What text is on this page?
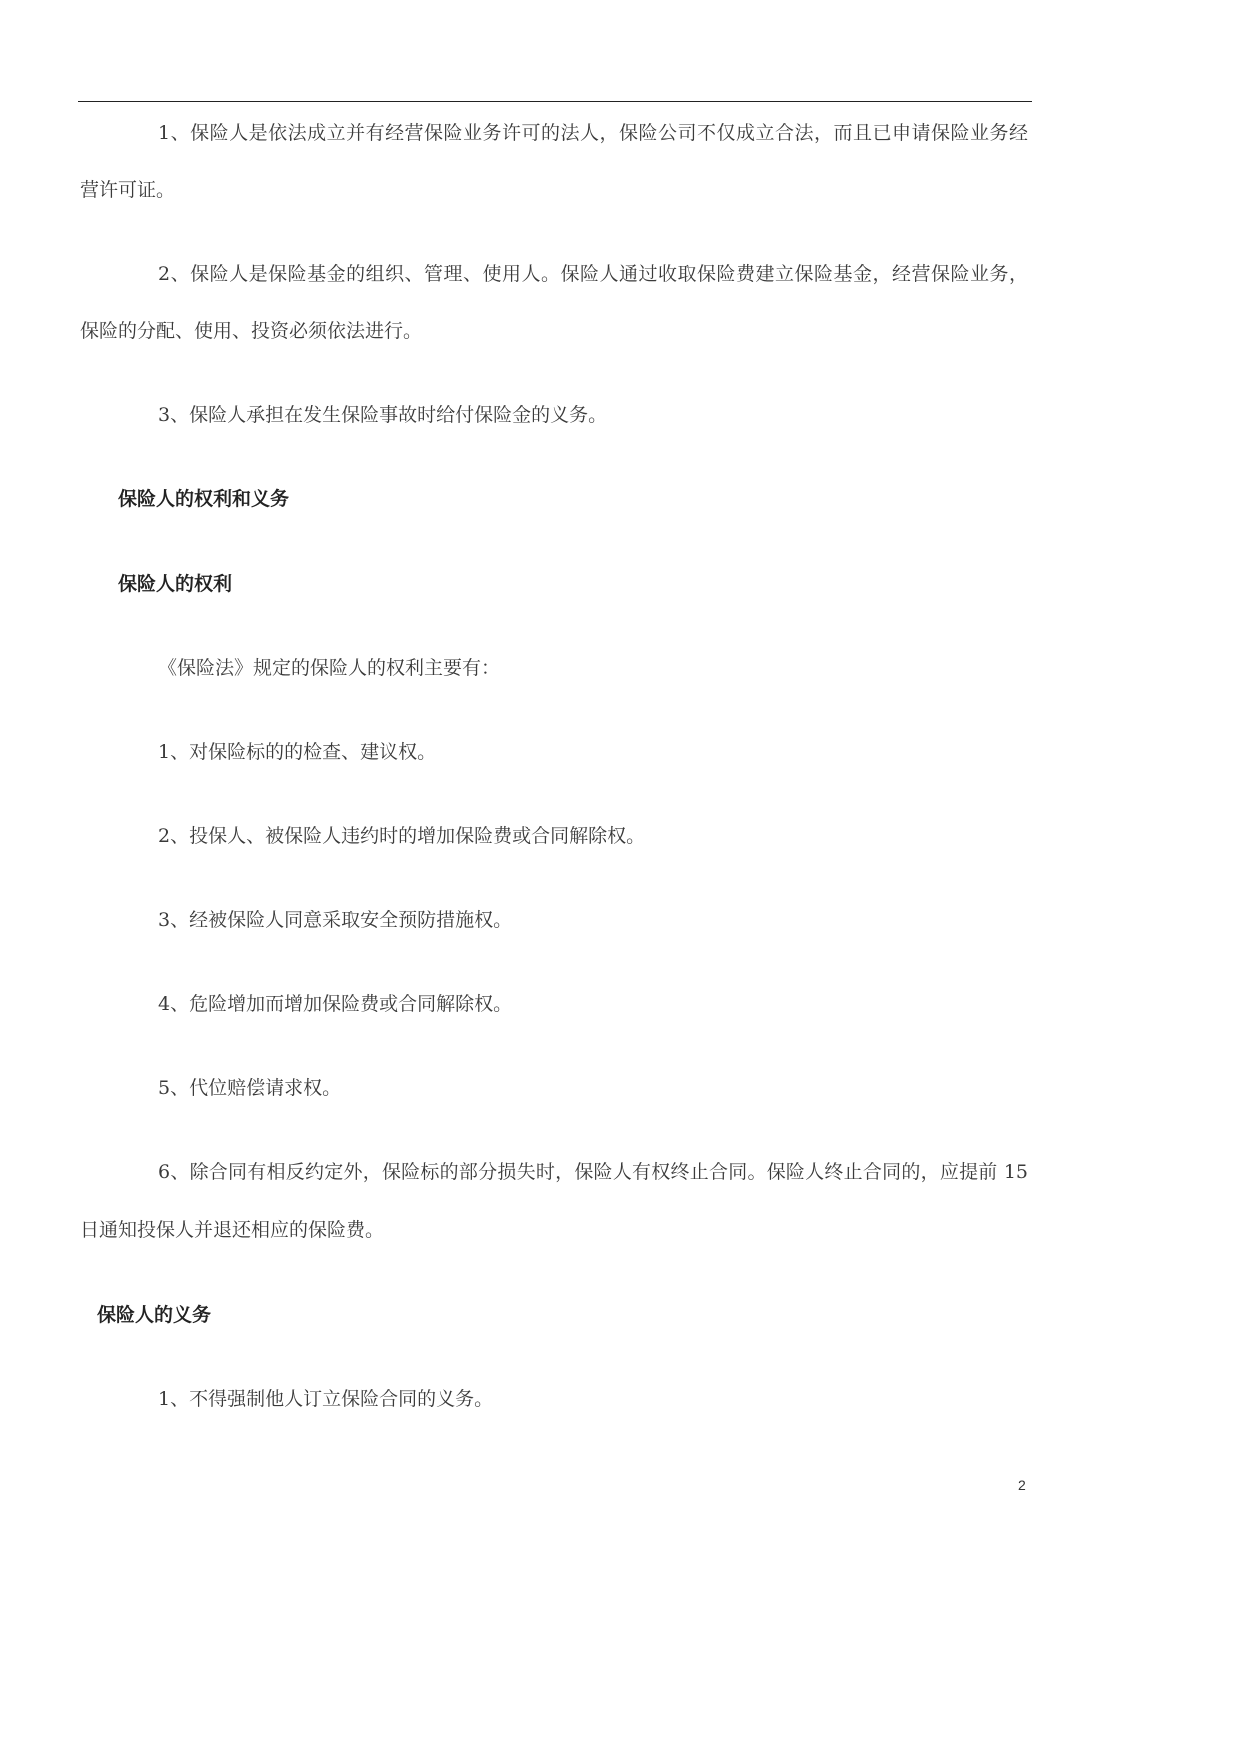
1、保险人是依法成立并有经营保险业务许可的法人，保险公司不仅成立合法，而且已申请保险业务经
营许可证。
2、保险人是保险基金的组织、管理、使用人。保险人通过收取保险费建立保险基金，经营保险业务，
保险的分配、使用、投资必须依法进行。
3、保险人承担在发生保险事故时给付保险金的义务。
保险人的权利和义务
保险人的权利
《保险法》规定的保险人的权利主要有：
1、对保险标的的检查、建议权。
2、投保人、被保险人违约时的增加保险费或合同解除权。
3、经被保险人同意采取安全预防措施权。
4、危险增加而增加保险费或合同解除权。
5、代位赔偿请求权。
6、除合同有相反约定外，保险标的部分损失时，保险人有权终止合同。保险人终止合同的，应提前 15
日通知投保人并退还相应的保险费。
保险人的义务
1、不得强制他人订立保险合同的义务。
2
